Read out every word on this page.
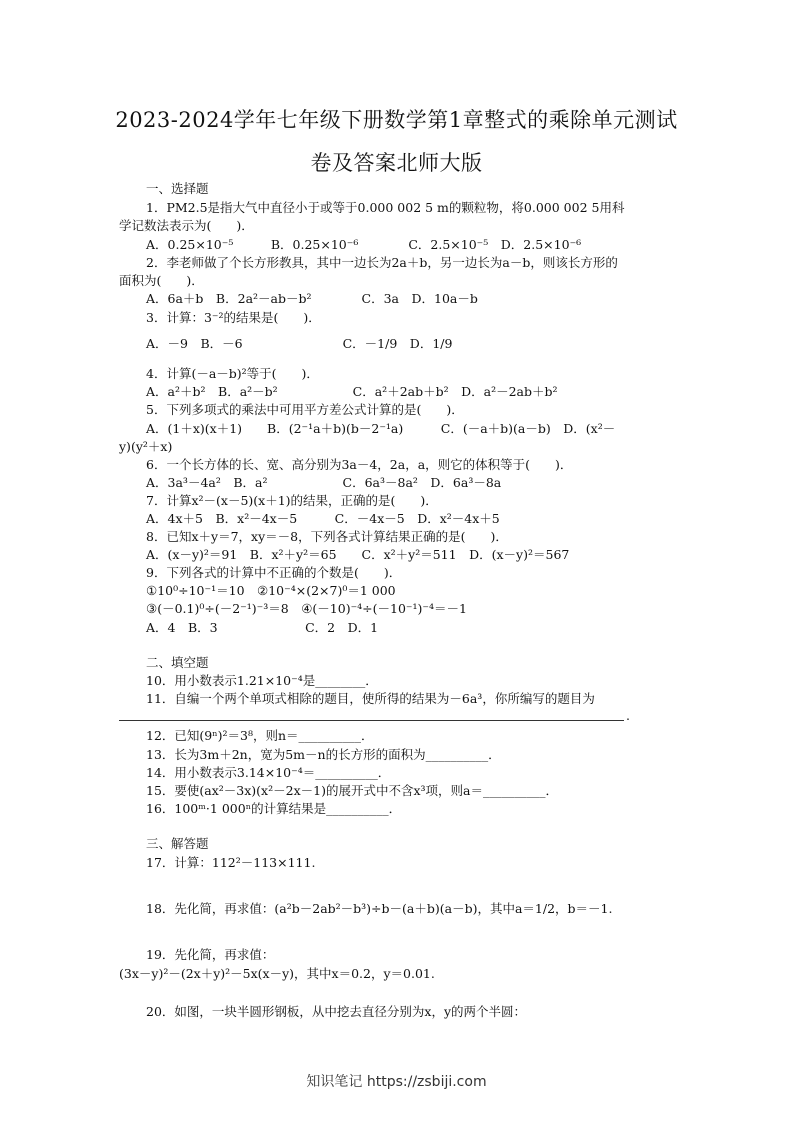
2023-2024学年七年级下册数学第1章整式的乘除单元测试
卷及答案北师大版
一、选择题
1．PM2.5是指大气中直径小于或等于0.000 002 5 m的颗粒物，将0.000 002 5用科
学记数法表示为(　　)．
A．0.25×10⁻⁵　　　B．0.25×10⁻⁶　　　　C．2.5×10⁻⁵　D．2.5×10⁻⁶
2．李老师做了个长方形教具，其中一边长为2a＋b，另一边长为a－b，则该长方形的
面积为(　　)．
A．6a＋b　B．2a²－ab－b²　　　　C．3a　D．10a－b
3．计算：3⁻²的结果是(　　)．
A．－9　B．－6　　　　　　　　C．－1/9　D．1/9
4．计算(－a－b)²等于(　　)．
A．a²＋b²　B．a²－b²　　　　　　C．a²＋2ab＋b²　D．a²－2ab＋b²
5．下列多项式的乘法中可用平方差公式计算的是(　　)．
A．(1＋x)(x＋1)　　B．(2⁻¹a＋b)(b－2⁻¹a)　　　C．(－a＋b)(a－b)　D．(x²－
y)(y²＋x)
6．一个长方体的长、宽、高分别为3a－4，2a，a，则它的体积等于(　　)．
A．3a³－4a²　B．a²　　　　　　C．6a³－8a²　D．6a³－8a
7．计算x²－(x－5)(x＋1)的结果，正确的是(　　)．
A．4x＋5　B．x²－4x－5　　　C．－4x－5　D．x²－4x＋5
8．已知x＋y＝7，xy＝－8，下列各式计算结果正确的是(　　)．
A．(x－y)²＝91　B．x²＋y²＝65　　C．x²＋y²＝511　D．(x－y)²＝567
9．下列各式的计算中不正确的个数是(　　)．
①10⁰÷10⁻¹＝10　②10⁻⁴×(2×7)⁰＝1 000
③(－0.1)⁰÷(－2⁻¹)⁻³＝8　④(－10)⁻⁴÷(－10⁻¹)⁻⁴＝－1
A．4　B．3　　　　　　　C．2　D．1
二、填空题
10．用小数表示1.21×10⁻⁴是________．
11．自编一个两个单项式相除的题目，使所得的结果为－6a³，你所编写的题目为
.
12．已知(9ⁿ)²＝3⁸，则n＝__________．
13．长为3m＋2n，宽为5m－n的长方形的面积为__________．
14．用小数表示3.14×10⁻⁴＝__________．
15．要使(ax²－3x)(x²－2x－1)的展开式中不含x³项，则a＝__________．
16．100ᵐ·1 000ⁿ的计算结果是__________．
三、解答题
17．计算：112²－113×111.
18．先化简，再求值：(a²b－2ab²－b³)÷b－(a＋b)(a－b)，其中a＝1/2，b＝－1.
19．先化简，再求值：
(3x－y)²－(2x＋y)²－5x(x－y)，其中x＝0.2，y＝0.01.
20．如图，一块半圆形钢板，从中挖去直径分别为x，y的两个半圆：
知识笔记 https://zsbiji.com
